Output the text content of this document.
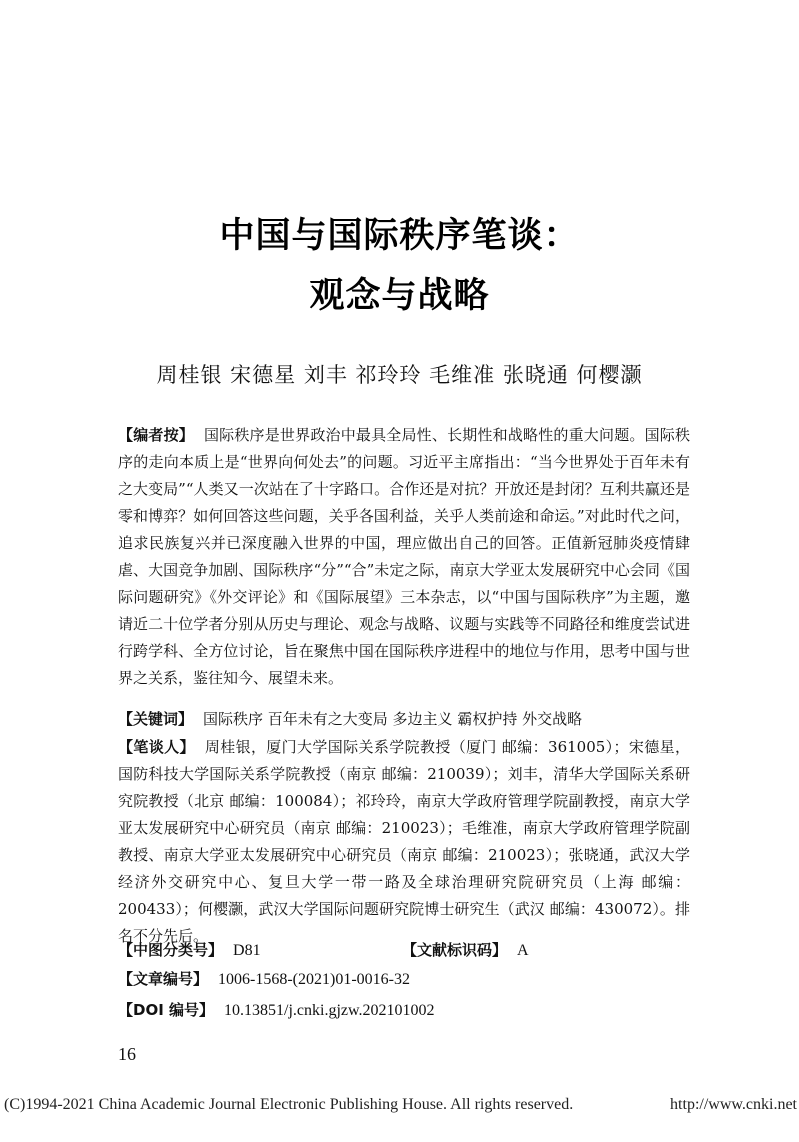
中国与国际秩序笔谈：
观念与战略
周桂银 宋德星 刘丰 祁玲玲 毛维准 张晓通 何樱灏
【编者按】 国际秩序是世界政治中最具全局性、长期性和战略性的重大问题。国际秩序的走向本质上是“世界向何处去”的问题。习近平主席指出：“当今世界处于百年未有之大变局”“人类又一次站在了十字路口。合作还是对抗？开放还是封闭？互利共赢还是零和博弈？如何回答这些问题，关乎各国利益，关乎人类前途和命运。”对此时代之问，追求民族复兴并已深度融入世界的中国，理应做出自己的回答。正值新冠肺炎疫情肆虐、大国竞争加剧、国际秩序“分”“合”未定之际，南京大学亚太发展研究中心会同《国际问题研究》《外交评论》和《国际展望》三本杂志，以“中国与国际秩序”为主题，邀请近二十位学者分别从历史与理论、观念与战略、议题与实践等不同路径和维度尝试进行跨学科、全方位讨论，旨在聚焦中国在国际秩序进程中的地位与作用，思考中国与世界之关系，鉴往知今、展望未来。
【关键词】 国际秩序 百年未有之大变局 多边主义 霸权护持 外交战略
【笔谈人】 周桂银，厦门大学国际关系学院教授（厦门 邮编：361005）；宋德星，国防科技大学国际关系学院教授（南京 邮编：210039）；刘丰，清华大学国际关系研究院教授（北京 邮编：100084）；祁玲玲，南京大学政府管理学院副教授，南京大学亚太发展研究中心研究员（南京 邮编：210023）；毛维准，南京大学政府管理学院副教授、南京大学亚太发展研究中心研究员（南京 邮编：210023）；张晓通，武汉大学经济外交研究中心、复旦大学一带一路及全球治理研究院研究员（上海 邮编：200433）；何樱灏，武汉大学国际问题研究院博士研究生（武汉 邮编：430072）。排名不分先后。
【中图分类号】 D81	【文献标识码】 A
【文章编号】 1006-1568-(2021)01-0016-32
【DOI 编号】 10.13851/j.cnki.gjzw.202101002
16
(C)1994-2021 China Academic Journal Electronic Publishing House. All rights reserved.	http://www.cnki.net
